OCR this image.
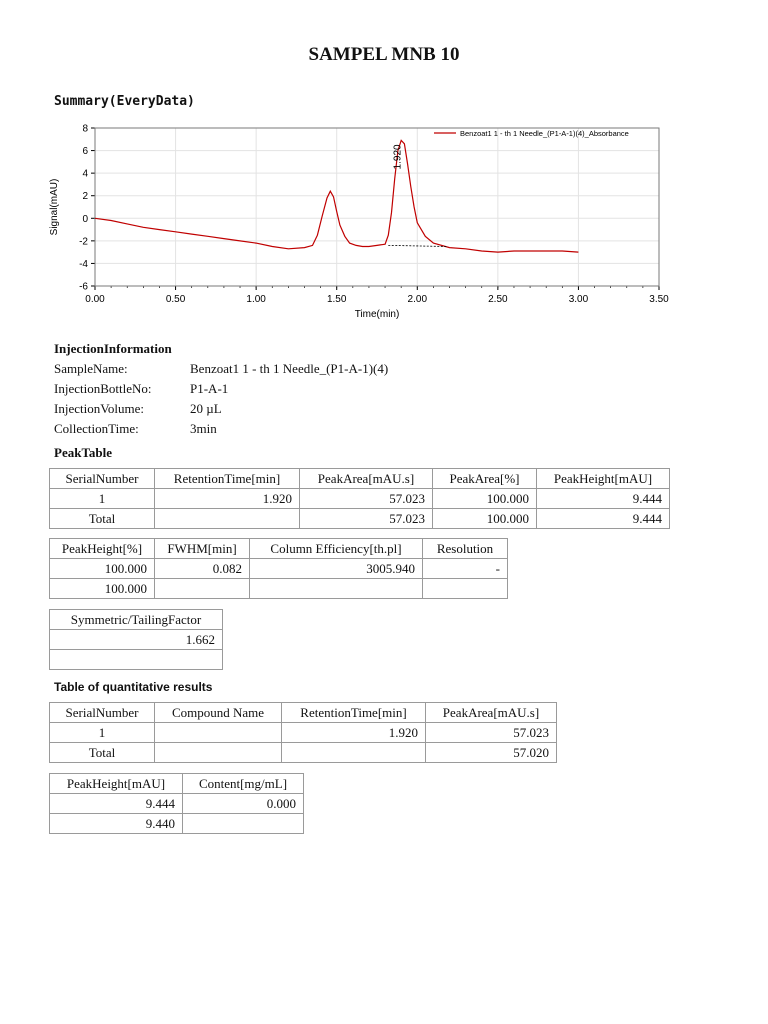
SAMPEL MNB 10
Summary(EveryData)
0.00	0.50	1.00	1.50	2.00	2.50	3.00	3.50
-6
-4
-2
0
2
4
6
8
Time(min)
Signal(mAU)
Benzoat1 1 - th 1 Needle_(P1-A-1)(4)_Absorbance
1.920
InjectionInformation
SampleName:	Benzoat1 1 - th 1 Needle_(P1-A-1)(4)
InjectionBottleNo:	P1-A-1
InjectionVolume:	20 µL
CollectionTime:	3min
PeakTable
SerialNumber	RetentionTime[min]	PeakArea[mAU.s]	PeakArea[%]	PeakHeight[mAU]
1	1.920	57.023	100.000	9.444
Total		57.023	100.000	9.444
PeakHeight[%]	FWHM[min]	Column Efficiency[th.pl]	Resolution
100.000	0.082	3005.940	-
100.000			
Symmetric/TailingFactor
1.662

Table of quantitative results
SerialNumber	Compound Name	RetentionTime[min]	PeakArea[mAU.s]
1		1.920	57.023
Total			57.020
PeakHeight[mAU]	Content[mg/mL]
9.444	0.000
9.440	
